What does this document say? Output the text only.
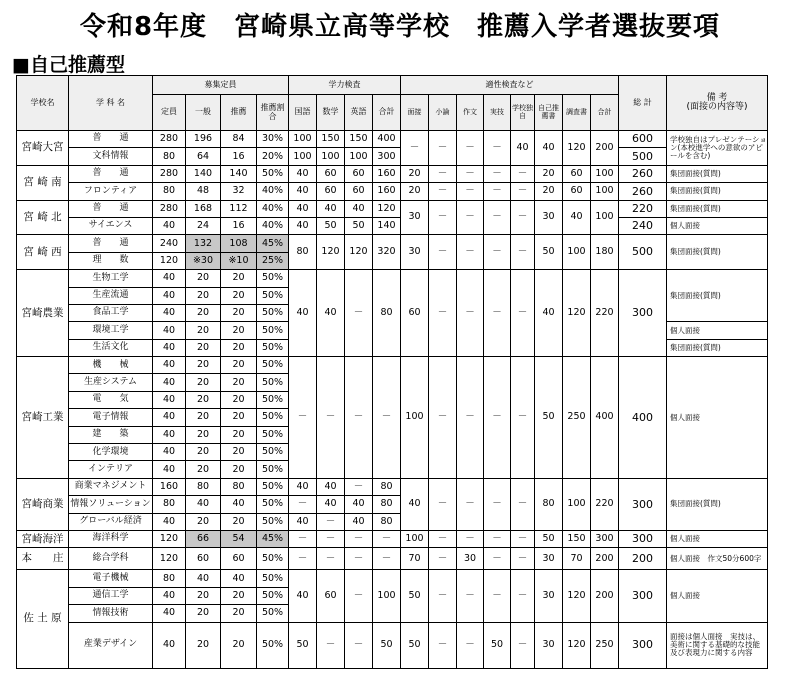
令和8年度　宮崎県立高等学校　推薦入学者選抜要項
■自己推薦型
学校名	学 科 名	募集定員				学力検査				適性検査など								総 計	備 考
(面接の内容等)

		定員	一般	推薦	推薦割合	国語	数学	英語	合計	面接	小論	作文	実技	学校独自	自己推薦書	調査書	合計		
宮崎大宮	普　　通	280	196	84	30%	100	150	150	400	－	－	－	－	40	40	120	200	600	学校独自はプレゼンテーション(本校進学への意欲のアピールを含む)
	文科情報	80	64	16	20%	100	100	100	300									500	
宮 崎 南	普　　通	280	140	140	50%	40	60	60	160	20	－	－	－	－	20	60	100	260	集団面接(質問)
	フロンティア	80	48	32	40%	40	60	60	160	20	－	－	－	－	20	60	100	260	集団面接(質問)
宮 崎 北	普　　通	280	168	112	40%	40	40	40	120	30	－	－	－	－	30	40	100	220	集団面接(質問)
	サイエンス	40	24	16	40%	40	50	50	140									240	個人面接
宮 崎 西	普　　通	240	132	108	45%	80	120	120	320	30	－	－	－	－	50	100	180	500	集団面接(質問)
	理　　数	120	※30	※10	25%														
宮崎農業	生物工学	40	20	20	50%	40	40	－	80	60	－	－	－	－	40	120	220	300	集団面接(質問)
	生産流通	40	20	20	50%														
	食品工学	40	20	20	50%														
	環境工学	40	20	20	50%														個人面接
	生活文化	40	20	20	50%														集団面接(質問)
宮崎工業	機　　械	40	20	20	50%	－	－	－	－	100	－	－	－	－	50	250	400	400	個人面接
	生産システム	40	20	20	50%														
	電　　気	40	20	20	50%														
	電子情報	40	20	20	50%														
	建　　築	40	20	20	50%														
	化学環境	40	20	20	50%														
	インテリア	40	20	20	50%														
宮崎商業	商業マネジメント	160	80	80	50%	40	40	－	80	40	－	－	－	－	80	100	220	300	集団面接(質問)
	情報ソリューション	80	40	40	50%	－	40	40	80										
	グローバル経済	40	20	20	50%	40	－	40	80										
宮崎海洋	海洋科学	120	66	54	45%	－	－	－	－	100	－	－	－	－	50	150	300	300	個人面接
本　　庄	総合学科	120	60	60	50%	－	－	－	－	70	－	30	－	－	30	70	200	200	個人面接　作文50分600字
佐 土 原	電子機械	80	40	40	50%	40	60	－	100	50	－	－	－	－	30	120	200	300	個人面接
	通信工学	40	20	20	50%														
	情報技術	40	20	20	50%														
	産業デザイン	40	20	20	50%	50	－	－	50	50	－	－	50	－	30	120	250	300	面接は個人面接　実技は、美術に関する基礎的な技能及び表現力に関する内容
